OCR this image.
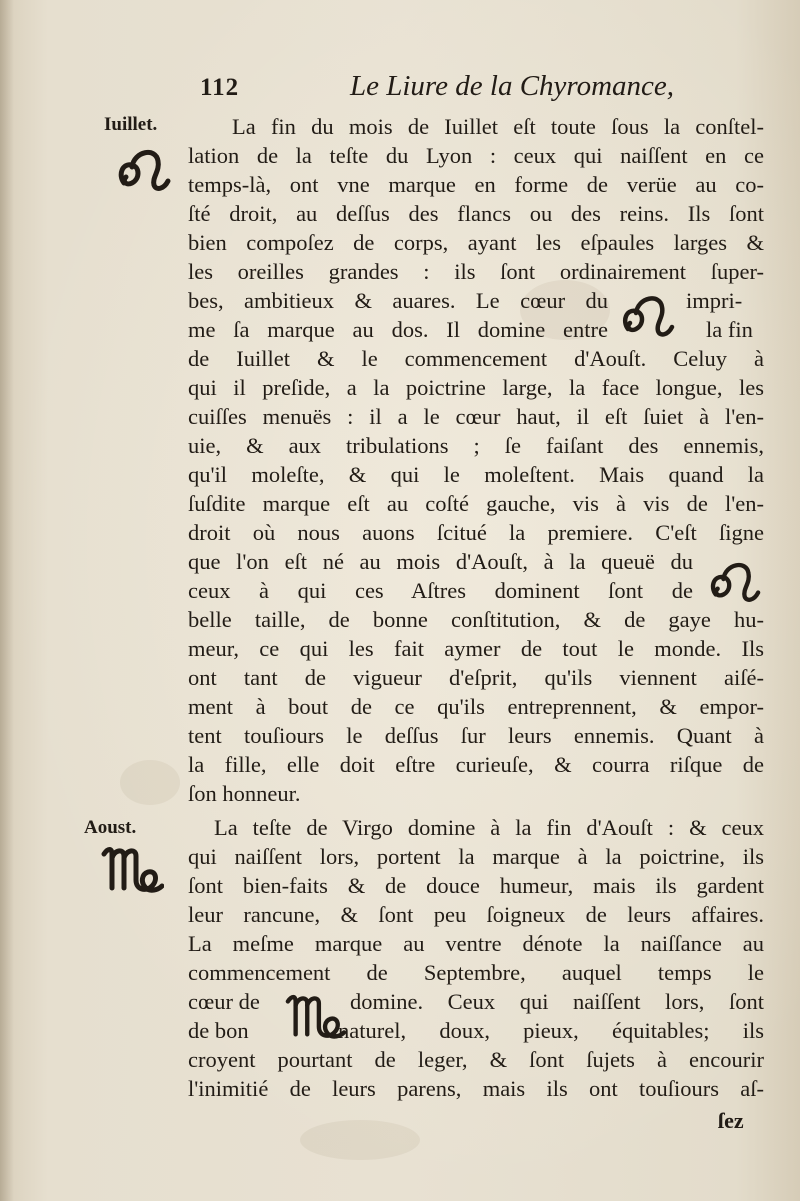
112	Le Liure de la Chyromance,
Iuillet.
Aoust.
La fin du mois de Iuillet eſt toute ſous la conſtel-
lation de la teſte du Lyon : ceux qui naiſſent en ce
temps-là, ont vne marque en forme de verüe au co-
ſté droit, au deſſus des flancs ou des reins. Ils ſont
bien compoſez de corps, ayant les eſpaules larges &
les oreilles grandes : ils ſont ordinairement ſuper-
bes, ambitieux & auares. Le cœur du	impri-
me ſa marque au dos. Il domine entre	la fin
de Iuillet & le commencement d'Aouſt. Celuy à
qui il preſide, a la poictrine large, la face longue, les
cuiſſes menuës : il a le cœur haut, il eſt ſuiet à l'en-
uie, & aux tribulations ; ſe faiſant des ennemis,
qu'il moleſte, & qui le moleſtent. Mais quand la
ſuſdite marque eſt au coſté gauche, vis à vis de l'en-
droit où nous auons ſcitué la premiere. C'eſt ſigne
que l'on eſt né au mois d'Aouſt, à la queuë du
ceux à qui ces Aſtres dominent ſont de
belle taille, de bonne conſtitution, & de gaye hu-
meur, ce qui les fait aymer de tout le monde. Ils
ont tant de vigueur d'eſprit, qu'ils viennent aiſé-
ment à bout de ce qu'ils entreprennent, & empor-
tent touſiours le deſſus ſur leurs ennemis. Quant à
la fille, elle doit eſtre curieuſe, & courra riſque de
ſon honneur.
La teſte de Virgo domine à la fin d'Aouſt : & ceux
qui naiſſent lors, portent la marque à la poictrine, ils
ſont bien-faits & de douce humeur, mais ils gardent
leur rancune, & ſont peu ſoigneux de leurs affaires.
La meſme marque au ventre dénote la naiſſance au
commencement de Septembre, auquel temps le
cœur de	domine. Ceux qui naiſſent lors, ſont
de bon	naturel, doux, pieux, équitables; ils
croyent pourtant de leger, & ſont ſujets à encourir
l'inimitié de leurs parens, mais ils ont touſiours aſ-
ſez
